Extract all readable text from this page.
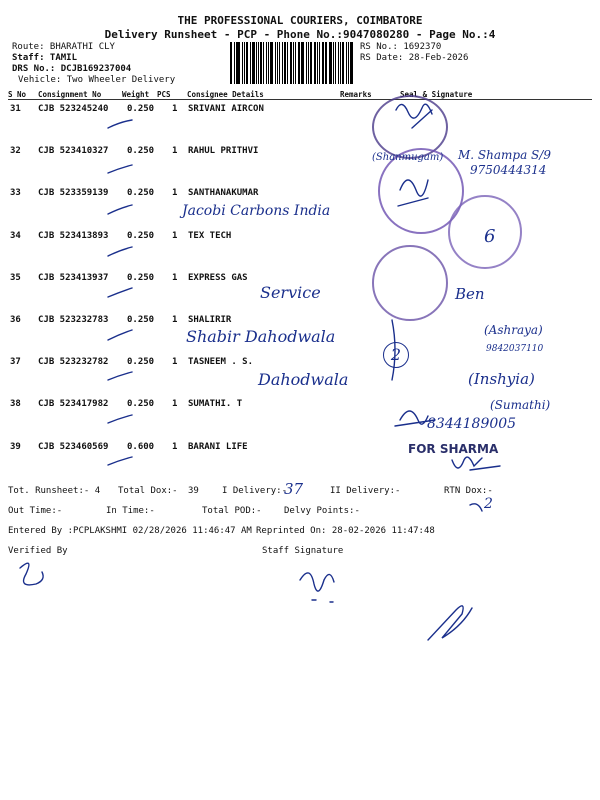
THE PROFESSIONAL COURIERS, COIMBATORE
Delivery Runsheet - PCP - Phone No.:9047080280 - Page No.:4
Route: BHARATHI CLY
Staff: TAMIL
DRS No.: DCJB169237004
Vehicle: Two Wheeler Delivery
RS No.: 1692370
RS Date: 28-Feb-2026
S No Consignment No	Weight PCS Consignee Details	Remarks	Seal & Signature
31 CJB 523245240 0.250 1 SRIVANI AIRCON
32 CJB 523410327 0.250 1 RAHUL PRITHVI
33 CJB 523359139 0.250 1 SANTHANAKUMAR
34 CJB 523413893 0.250 1 TEX TECH
35 CJB 523413937 0.250 1 EXPRESS GAS
36 CJB 523232783 0.250 1 SHALIRIR
37 CJB 523232782 0.250 1 TASNEEM . S.
38 CJB 523417982 0.250 1 SUMATHI. T
39 CJB 523460569 0.600 1 BARANI LIFE	FOR SHARMA
M. Shampa S/9
9750444314
(Shanmugam)
Jacobi Carbons India
6
Service	Ben
Shabir Dahodwala
2
(Ashraya)
9842037110
Dahodwala	(Inshyia)
(Sumathi)
8344189005
Tot. Runsheet:- 4 Total Dox:- 39	I Delivery:-
37	II Delivery:-	RTN Dox:-
2
Out Time:-	In Time:-	Total POD:- Delvy Points:-
Entered By :PCPLAKSHMI 02/28/2026 11:46:47 AM Reprinted On: 28-02-2026 11:47:48
Verified By	Staff Signature
